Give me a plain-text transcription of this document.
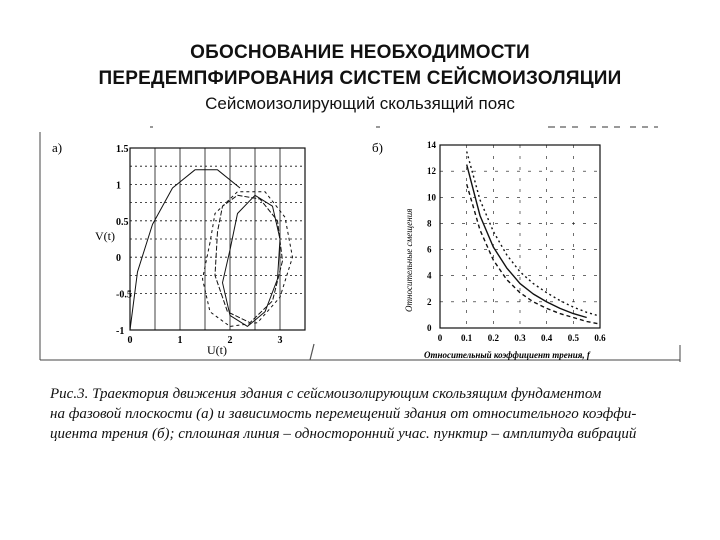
ОБОСНОВАНИЕ НЕОБХОДИМОСТИ
ПЕРЕДЕМПФИРОВАНИЯ СИСТЕМ СЕЙСМОИЗОЛЯЦИИ
Сейсмоизолирующий скользящий пояс
а)
0	1	2	3
1.5
1
0.5
0
-0.5
-1
V(t)
U(t)
б)
0 0.1 0.2 0.3 0.4 0.5 0.6
0
2
4
6
8
10
12
14
Относительные смещения
Относительный коэффициент трения, f
Рис.3. Траектория движения здания с сейсмоизолирующим скользящим фундаментом
на фазовой плоскости (а) и зависимость перемещений здания от относительного коэффи-
циента трения (б); сплошная линия – односторонний учас. пунктир – амплитуда вибраций
